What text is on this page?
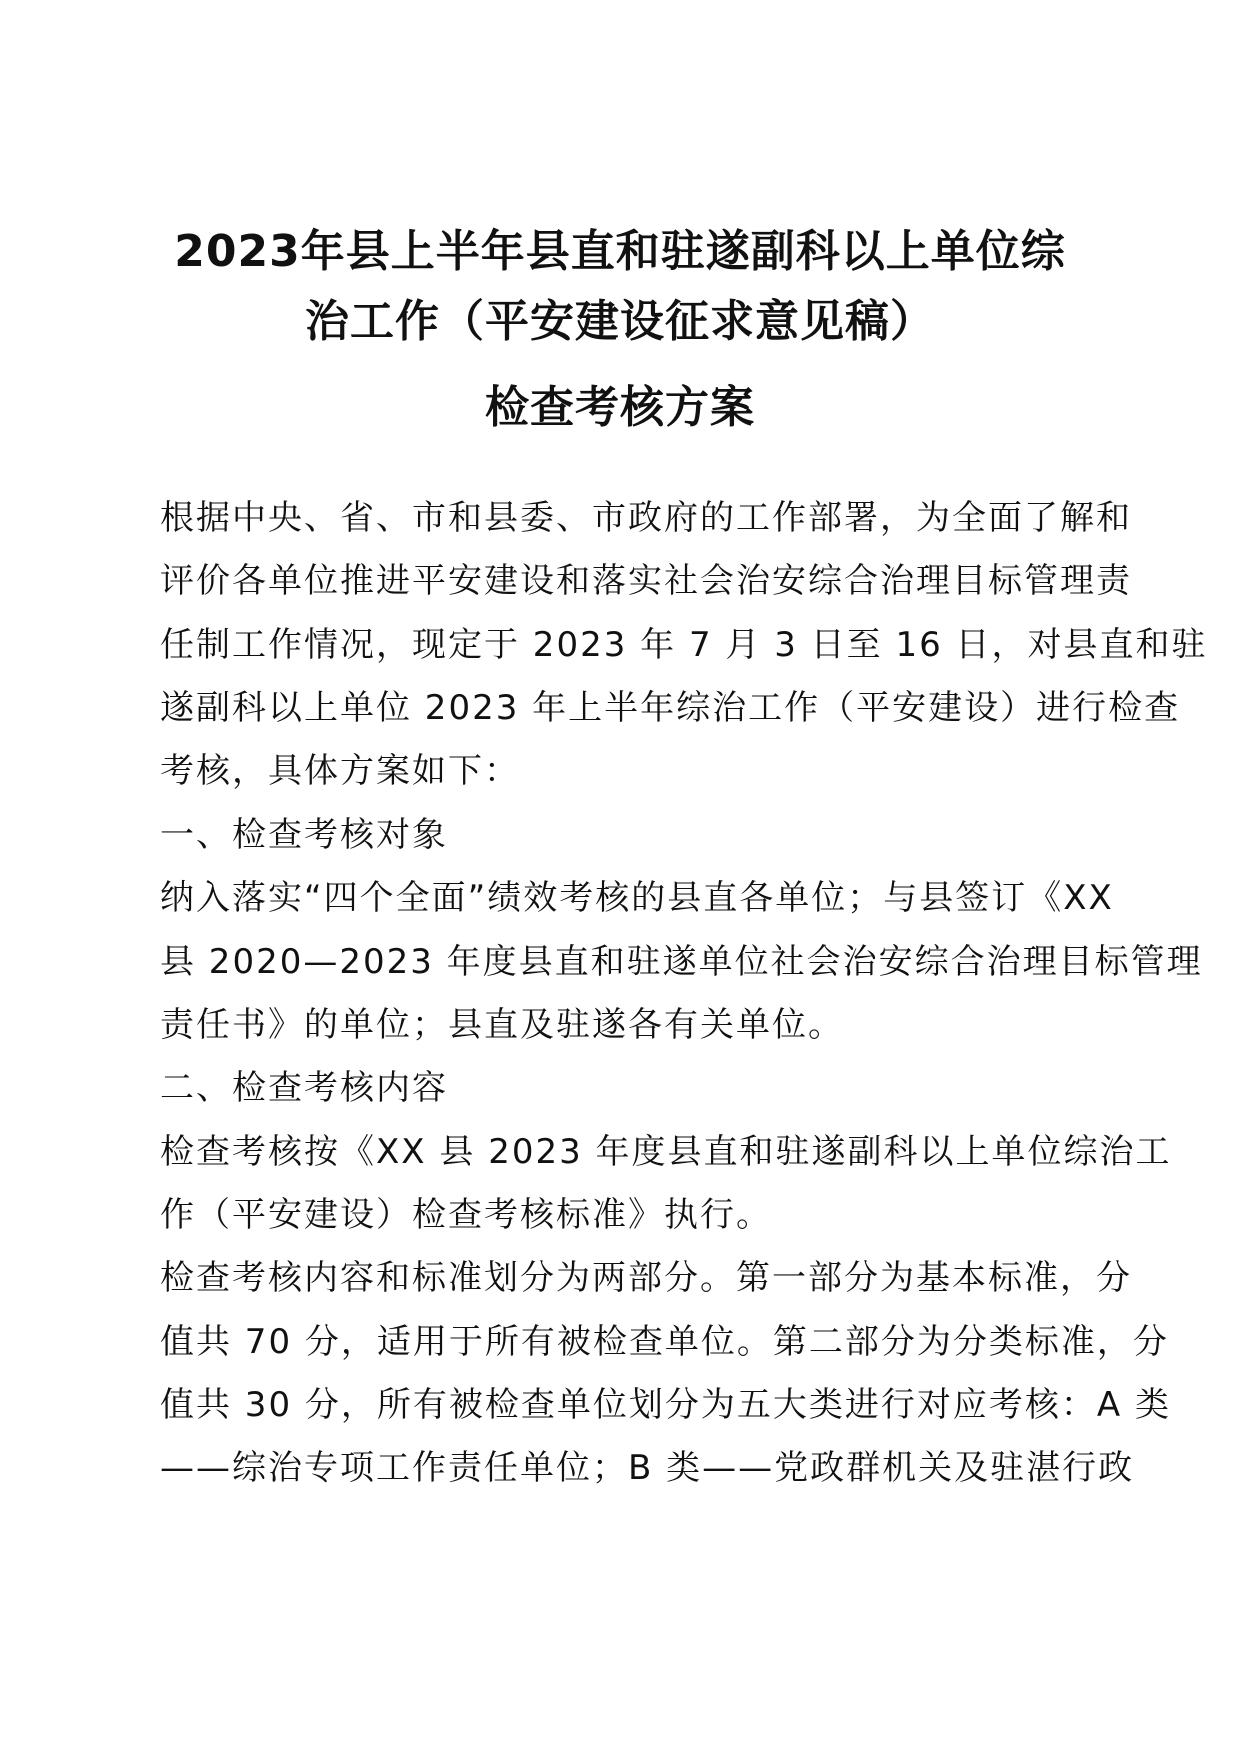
2023年县上半年县直和驻遂副科以上单位综
治工作（平安建设征求意见稿）
检查考核方案
根据中央、省、市和县委、市政府的工作部署，为全面了解和
评价各单位推进平安建设和落实社会治安综合治理目标管理责
任制工作情况，现定于 2023 年 7 月 3 日至 16 日，对县直和驻
遂副科以上单位 2023 年上半年综治工作（平安建设）进行检查
考核，具体方案如下：
一、检查考核对象
纳入落实“四个全面”绩效考核的县直各单位；与县签订《XX
县 2020—2023 年度县直和驻遂单位社会治安综合治理目标管理
责任书》的单位；县直及驻遂各有关单位。
二、检查考核内容
检查考核按《XX 县 2023 年度县直和驻遂副科以上单位综治工
作（平安建设）检查考核标准》执行。
检查考核内容和标准划分为两部分。第一部分为基本标准，分
值共 70 分，适用于所有被检查单位。第二部分为分类标准，分
值共 30 分，所有被检查单位划分为五大类进行对应考核：A 类
——综治专项工作责任单位；B 类——党政群机关及驻湛行政
